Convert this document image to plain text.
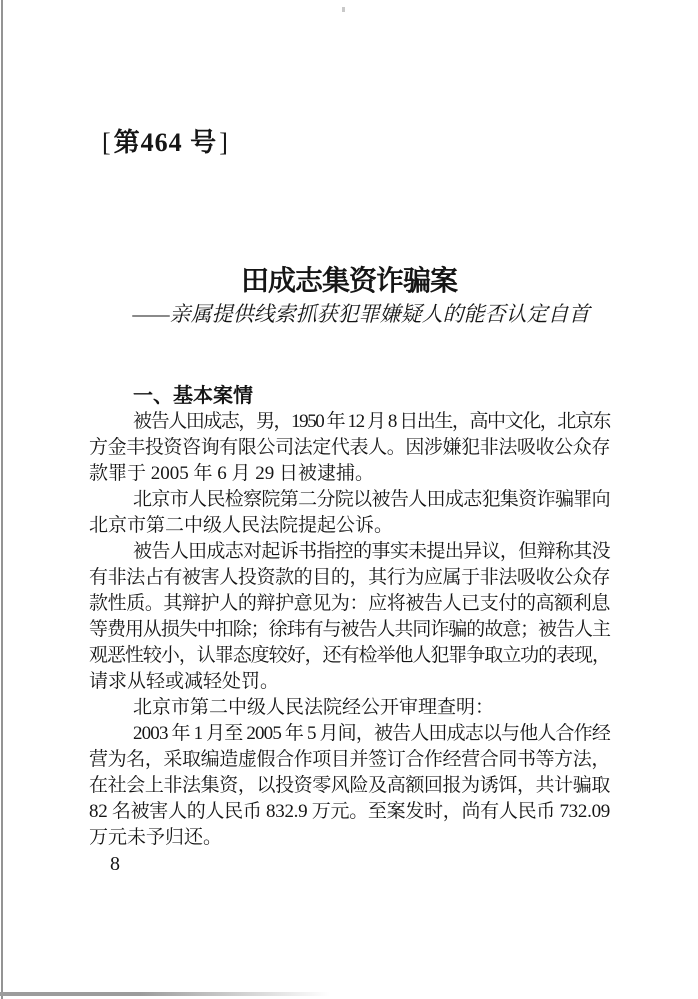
[第464 号]
田成志集资诈骗案
——亲属提供线索抓获犯罪嫌疑人的能否认定自首
一、基本案情
被告人田成志，男，1950 年 12 月 8 日出生，高中文化，北京东
方金丰投资咨询有限公司法定代表人。因涉嫌犯非法吸收公众存
款罪于 2005 年 6 月 29 日被逮捕。
北京市人民检察院第二分院以被告人田成志犯集资诈骗罪向
北京市第二中级人民法院提起公诉。
被告人田成志对起诉书指控的事实未提出异议，但辩称其没
有非法占有被害人投资款的目的，其行为应属于非法吸收公众存
款性质。其辩护人的辩护意见为：应将被告人已支付的高额利息
等费用从损失中扣除；徐玮有与被告人共同诈骗的故意；被告人主
观恶性较小，认罪态度较好，还有检举他人犯罪争取立功的表现，
请求从轻或减轻处罚。
北京市第二中级人民法院经公开审理查明：
2003 年 1 月至 2005 年 5 月间，被告人田成志以与他人合作经
营为名，采取编造虚假合作项目并签订合作经营合同书等方法，
在社会上非法集资，以投资零风险及高额回报为诱饵，共计骗取
82 名被害人的人民币 832.9 万元。至案发时，尚有人民币 732.09
万元未予归还。
8
